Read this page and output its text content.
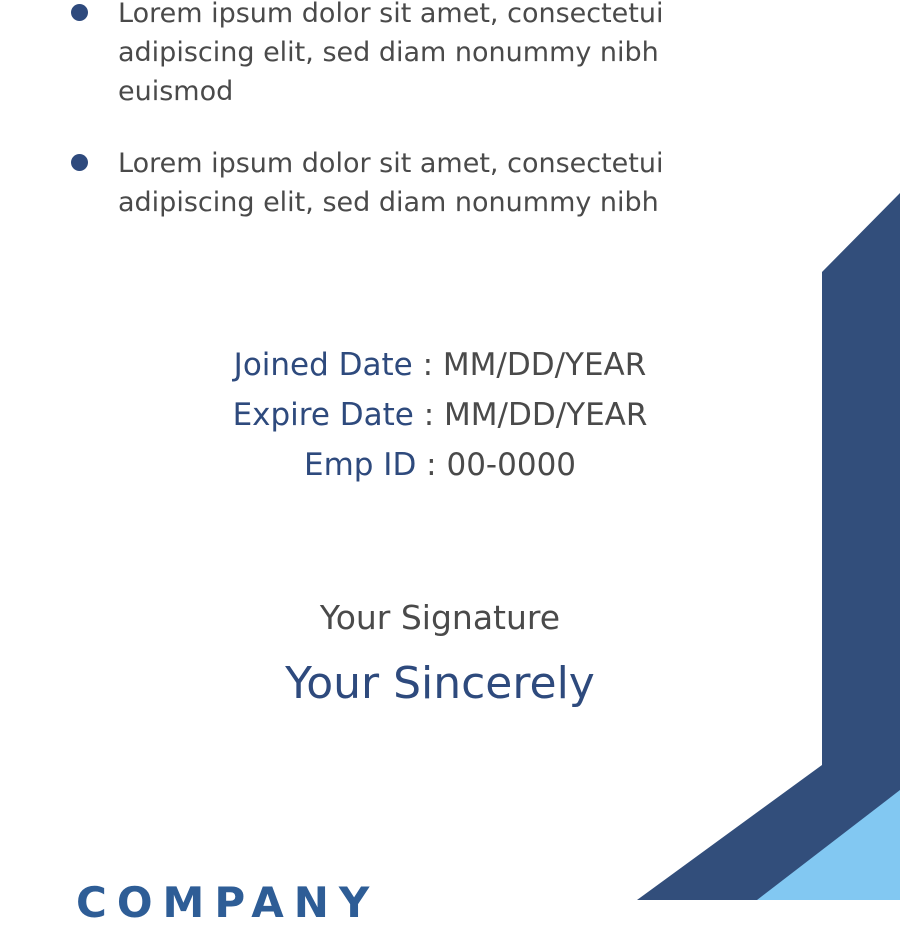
Lorem ipsum dolor sit amet, consectetui
adipiscing elit, sed diam nonummy nibh
euismod
Lorem ipsum dolor sit amet, consectetui
adipiscing elit, sed diam nonummy nibh
Joined Date : MM/DD/YEAR
Expire Date : MM/DD/YEAR
Emp ID : 00-0000
Your Signature
Your Sincerely
COMPANY
